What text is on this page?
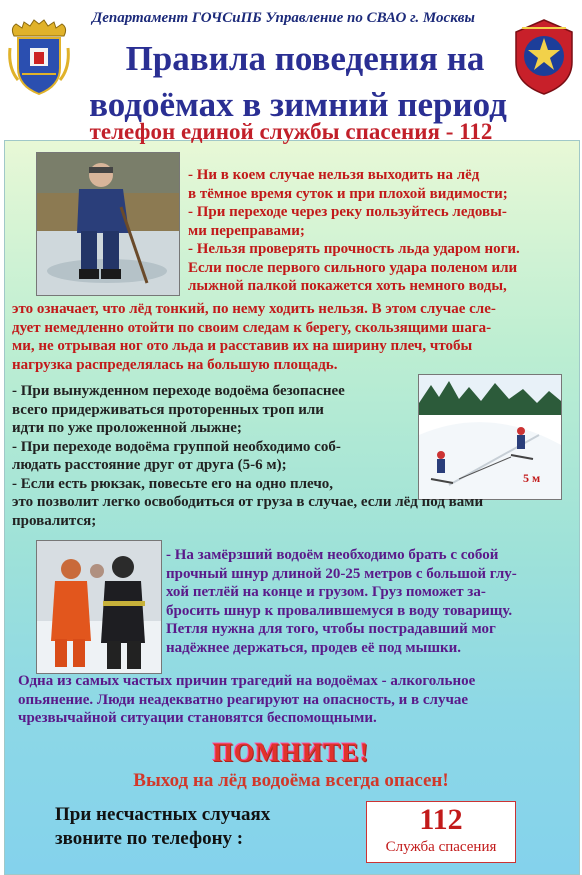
Департамент ГОЧСиПБ Управление по СВАО г. Москвы
Правила поведения на
водоёмах в зимний период
телефон единой службы спасения - 112
- Ни в коем случае нельзя выходить на лёд
в тёмное время суток и при плохой видимости;
- При переходе через реку пользуйтесь ледовы-
ми переправами;
- Нельзя проверять прочность льда ударом ноги.
Если после первого сильного удара поленом или
лыжной палкой покажется хоть немного воды,
это означает, что лёд тонкий, по нему ходить нельзя. В этом случае сле-
дует немедленно отойти по своим следам к берегу, скользящими шага-
ми, не отрывая ног ото льда и расставив их на ширину плеч, чтобы
нагрузка распределялась на большую площадь.
5 м
- При вынужденном переходе водоёма безопаснее
всего придерживаться проторенных троп или
идти по уже проложенной лыжне;
- При переходе водоёма группой необходимо соб-
людать расстояние друг от друга (5-6 м);
- Если есть рюкзак, повесьте его на одно плечо,
это позволит легко освободиться от груза в случае, если лёд под вами
провалится;
- На замёрзший водоём необходимо брать с собой
прочный шнур длиной 20-25 метров с большой глу-
хой петлёй на конце и грузом. Груз поможет за-
бросить шнур к провалившемуся в воду товарищу.
Петля нужна для того, чтобы пострадавший мог
надёжнее держаться, продев её под мышки.
Одна из самых частых причин трагедий на водоёмах - алкогольное
опьянение. Люди неадекватно реагируют на опасность, и в случае
чрезвычайной ситуации становятся беспомощными.
ПОМНИТЕ!
Выход на лёд водоёма всегда опасен!
При несчастных случаях
звоните по телефону :
112
Служба спасения
